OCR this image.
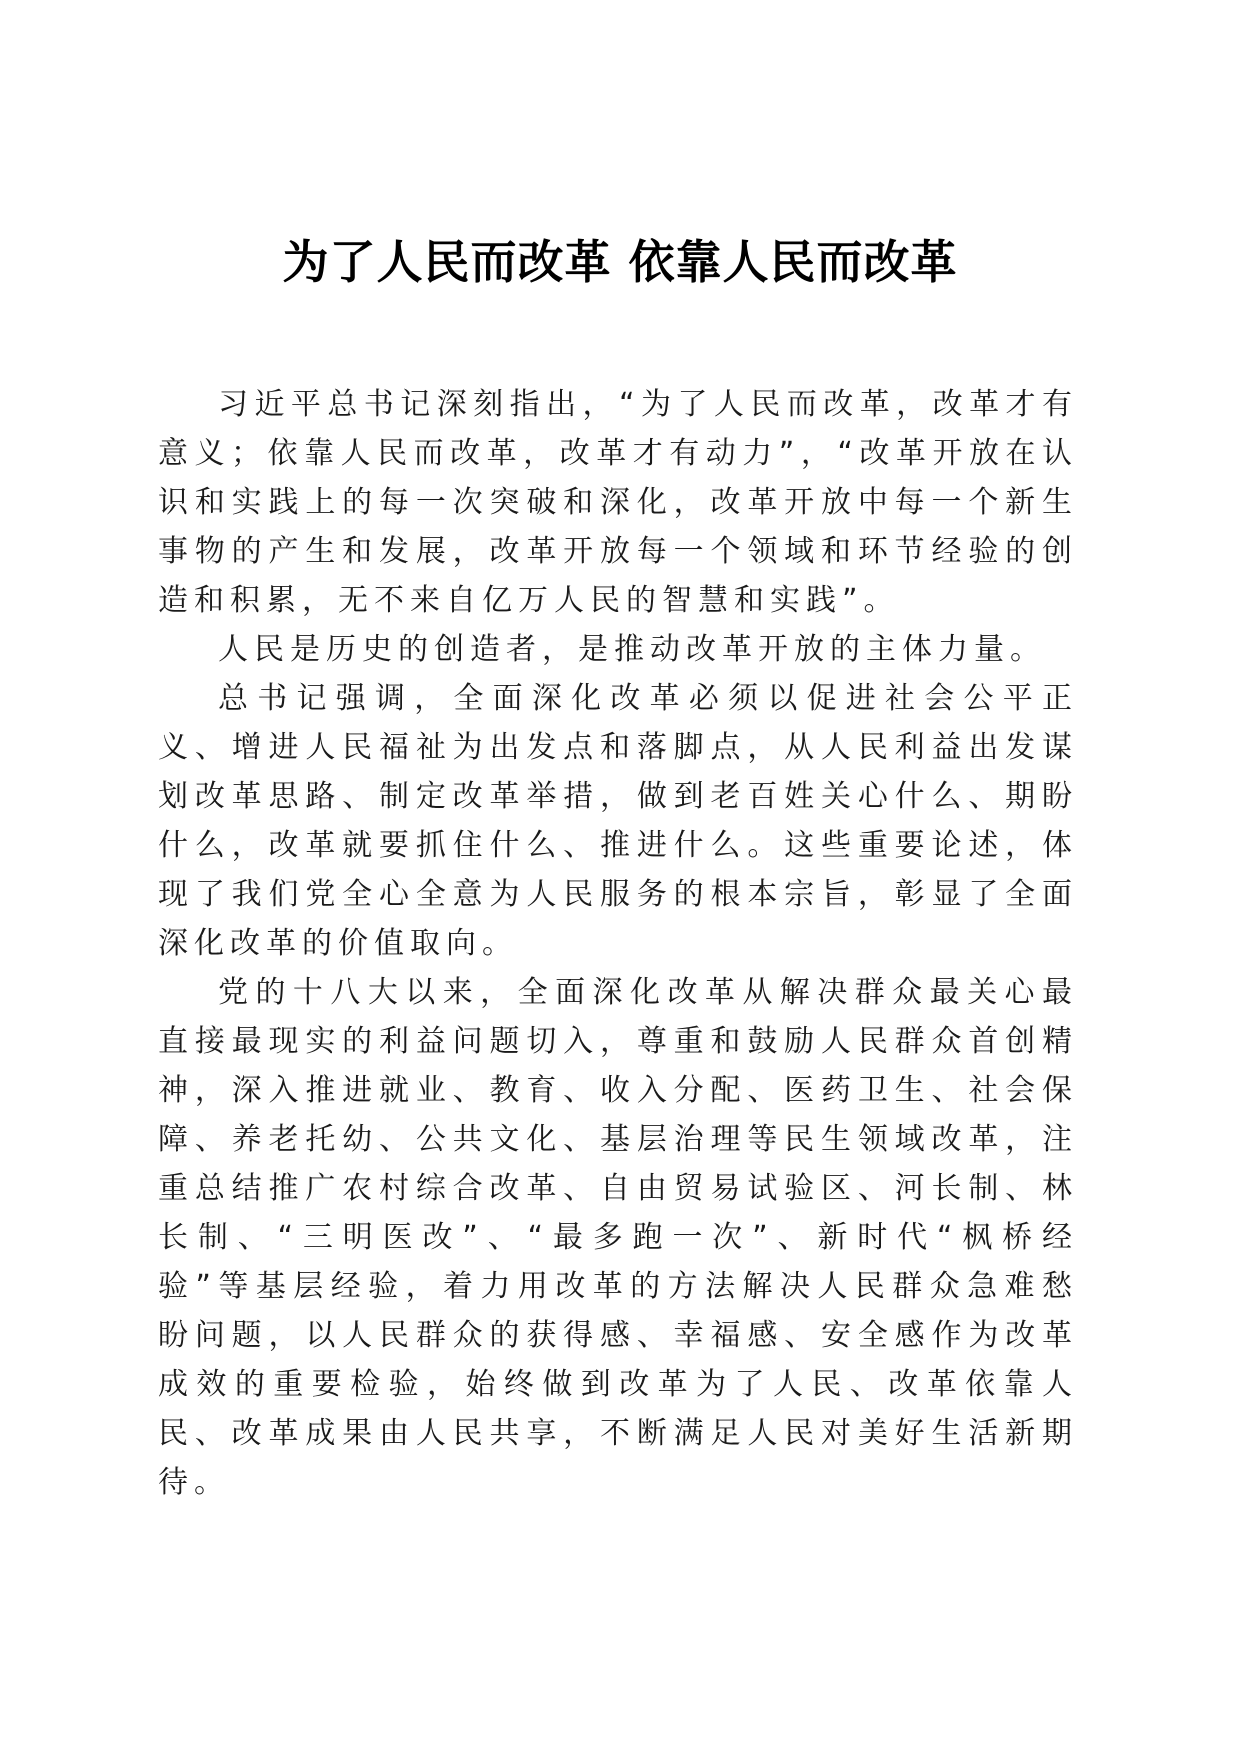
为了人民而改革 依靠人民而改革

习近平总书记深刻指出，“为了人民而改革，改革才有意义；依靠人民而改革，改革才有动力”，“改革开放在认识和实践上的每一次突破和深化，改革开放中每一个新生事物的产生和发展，改革开放每一个领域和环节经验的创造和积累，无不来自亿万人民的智慧和实践”。

人民是历史的创造者，是推动改革开放的主体力量。

总书记强调，全面深化改革必须以促进社会公平正义、增进人民福祉为出发点和落脚点，从人民利益出发谋划改革思路、制定改革举措，做到老百姓关心什么、期盼什么，改革就要抓住什么、推进什么。这些重要论述，体现了我们党全心全意为人民服务的根本宗旨，彰显了全面深化改革的价值取向。

党的十八大以来，全面深化改革从解决群众最关心最直接最现实的利益问题切入，尊重和鼓励人民群众首创精神，深入推进就业、教育、收入分配、医药卫生、社会保障、养老托幼、公共文化、基层治理等民生领域改革，注重总结推广农村综合改革、自由贸易试验区、河长制、林长制、“三明医改”、“最多跑一次”、新时代“枫桥经验”等基层经验，着力用改革的方法解决人民群众急难愁盼问题，以人民群众的获得感、幸福感、安全感作为改革成效的重要检验，始终做到改革为了人民、改革依靠人民、改革成果由人民共享，不断满足人民对美好生活新期待。
